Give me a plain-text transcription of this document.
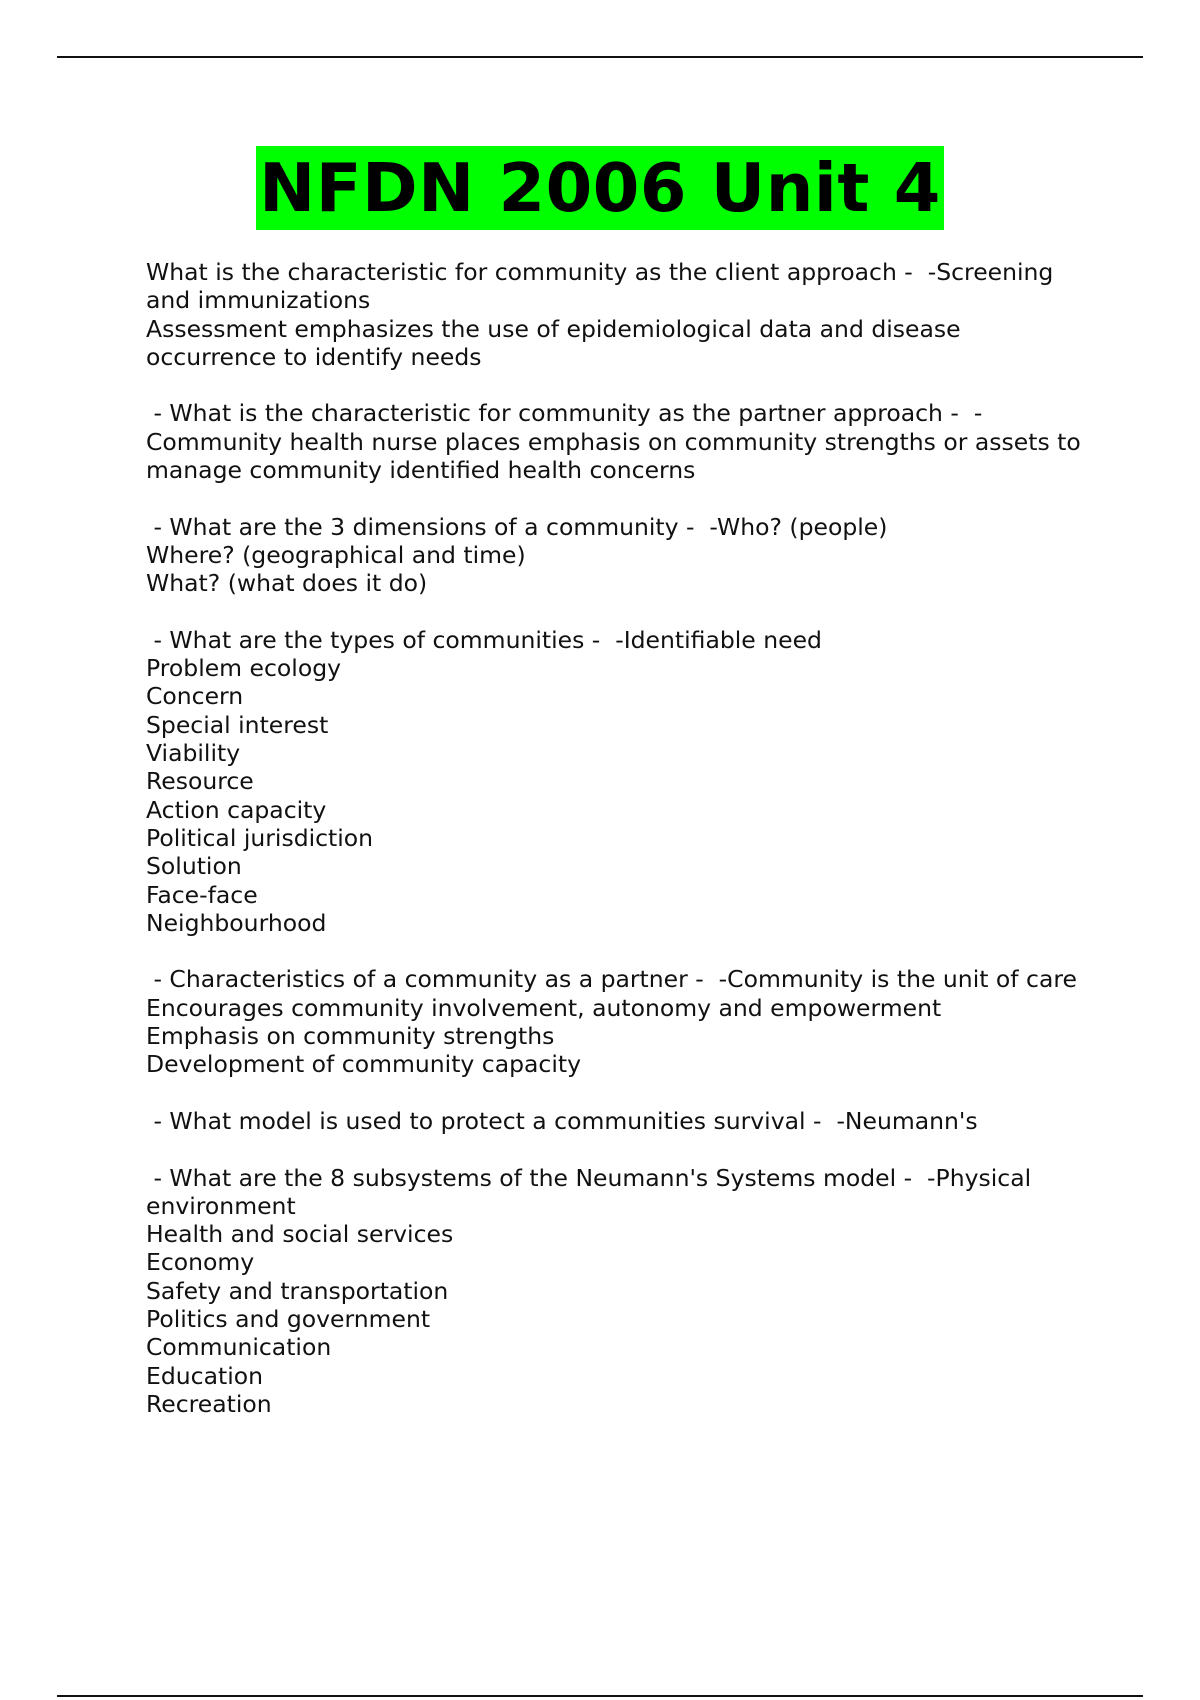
NFDN 2006 Unit 4
What is the characteristic for community as the client approach -  -Screening and immunizations
Assessment emphasizes the use of epidemiological data and disease occurrence to identify needs
- What is the characteristic for community as the partner approach -  -Community health nurse places emphasis on community strengths or assets to manage community identified health concerns
- What are the 3 dimensions of a community -  -Who? (people)
Where? (geographical and time)
What? (what does it do)
- What are the types of communities -  -Identifiable need
Problem ecology
Concern
Special interest
Viability
Resource
Action capacity
Political jurisdiction
Solution
Face-face
Neighbourhood
- Characteristics of a community as a partner -  -Community is the unit of care
Encourages community involvement, autonomy and empowerment
Emphasis on community strengths
Development of community capacity
- What model is used to protect a communities survival -  -Neumann's
- What are the 8 subsystems of the Neumann's Systems model -  -Physical environment
Health and social services
Economy
Safety and transportation
Politics and government
Communication
Education
Recreation
